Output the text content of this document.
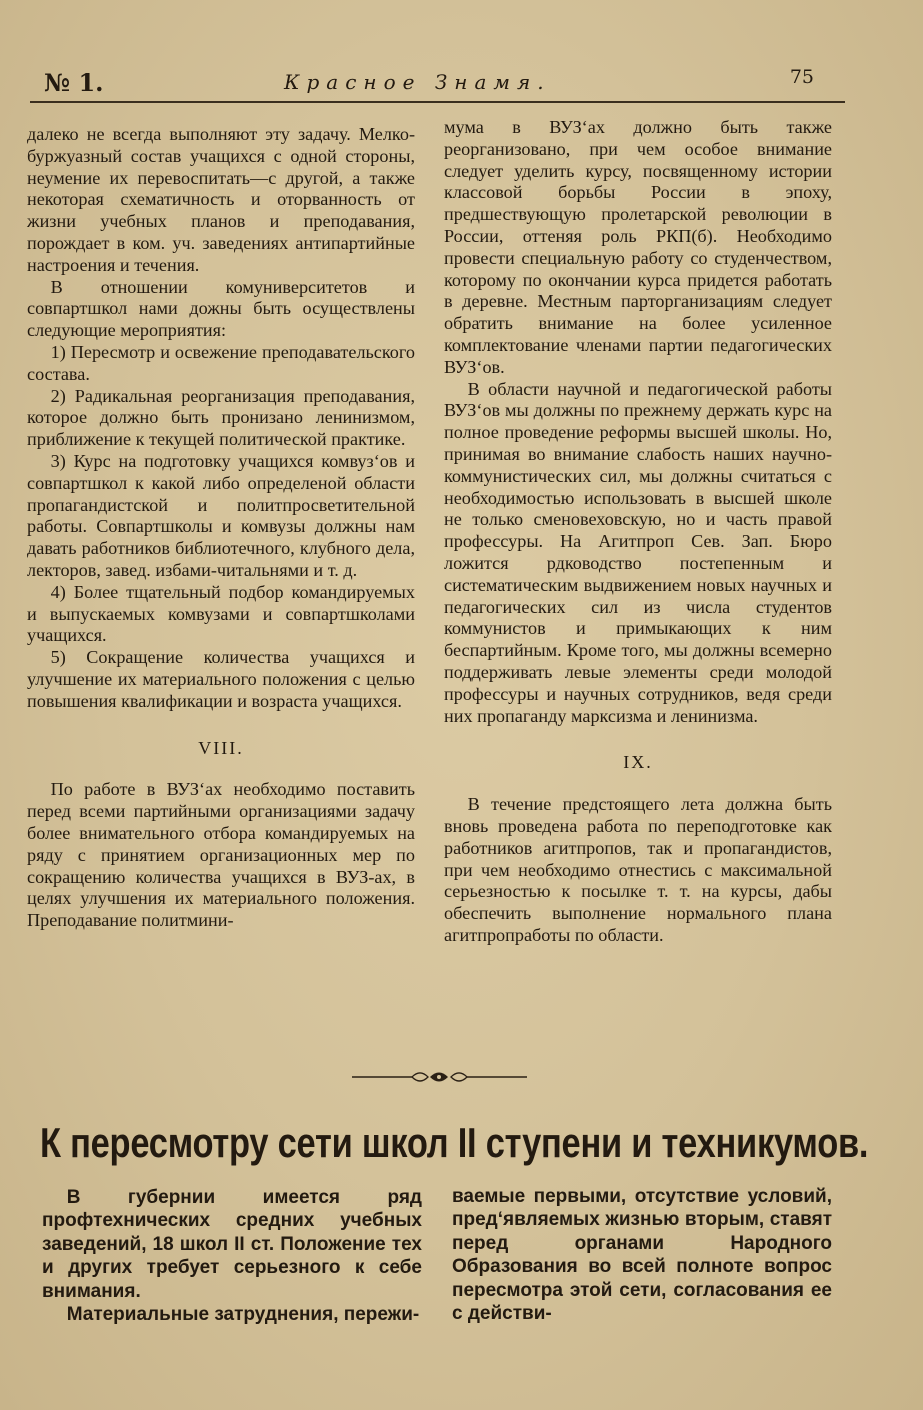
№ 1.	Красное Знамя.	75

далеко не всегда выполняют эту задачу. Мелко-буржуазный состав учащихся с одной стороны, неумение их перевоспитать—с другой, а также некоторая схематичность и оторванность от жизни учебных планов и преподавания, порождает в ком. уч. заведениях антипартийные настроения и течения.

В отношении комуниверситетов и совпартшкол нами дожны быть осуществлены следующие мероприятия:

1) Пересмотр и освежение преподавательского состава.

2) Радикальная реорганизация преподавания, которое должно быть пронизано ленинизмом, приближение к текущей политической практике.

3) Курс на подготовку учащихся комвуз‘ов и совпартшкол к какой либо определеной области пропагандистской и политпросветительной работы. Совпартшколы и комвузы должны нам давать работников библиотечного, клубного дела, лекторов, завед. избами-читальнями и т. д.

4) Более тщательный подбор командируемых и выпускаемых комвузами и совпартшколами учащихся.

5) Сокращение количества учащихся и улучшение их материального положения с целью повышения квалификации и возраста учащихся.

VIII.

По работе в ВУЗ‘ах необходимо поставить перед всеми партийными организациями задачу более внимательного отбора командируемых на ряду с принятием организационных мер по сокращению количества учащихся в ВУЗ-ах, в целях улучшения их материального положения. Преподавание политмини-

мума в ВУЗ‘ах должно быть также реорганизовано, при чем особое внимание следует уделить курсу, посвященному истории классовой борьбы России в эпоху, предшествующую пролетарской революции в России, оттеняя роль РКП(б). Необходимо провести специальную работу со студенчеством, которому по окончании курса придется работать в деревне. Местным парторганизациям следует обратить внимание на более усиленное комплектование членами партии педагогических ВУЗ‘ов.

В области научной и педагогической работы ВУЗ‘ов мы должны по прежнему держать курс на полное проведение реформы высшей школы. Но, принимая во внимание слабость наших научно-коммунистических сил, мы должны считаться с необходимостью использовать в высшей школе не только сменовеховскую, но и часть правой профессуры. На Агитпроп Сев. Зап. Бюро ложится рдководство постепенным и систематическим выдвижением новых научных и педагогических сил из числа студентов коммунистов и примыкающих к ним беспартийным. Кроме того, мы должны всемерно поддерживать левые элементы среди молодой профессуры и научных сотрудников, ведя среди них пропаганду марксизма и ленинизма.

IX.

В течение предстоящего лета должна быть вновь проведена работа по переподготовке как работников агитпропов, так и пропагандистов, при чем необходимо отнестись с максимальной серьезностью к посылке т. т. на курсы, дабы обеспечить выполнение нормального плана агитпропработы по области.

К пересмотру сети школ II ступени и техникумов.

В губернии имеется ряд профтехнических средних учебных заведений, 18 школ II ст. Положение тех и других требует серьезного к себе внимания.

Материальные затруднения, пережи-

ваемые первыми, отсутствие условий, пред‘являемых жизнью вторым, ставят перед органами Народного Образования во всей полноте вопрос пересмотра этой сети, согласования ее с действи-
